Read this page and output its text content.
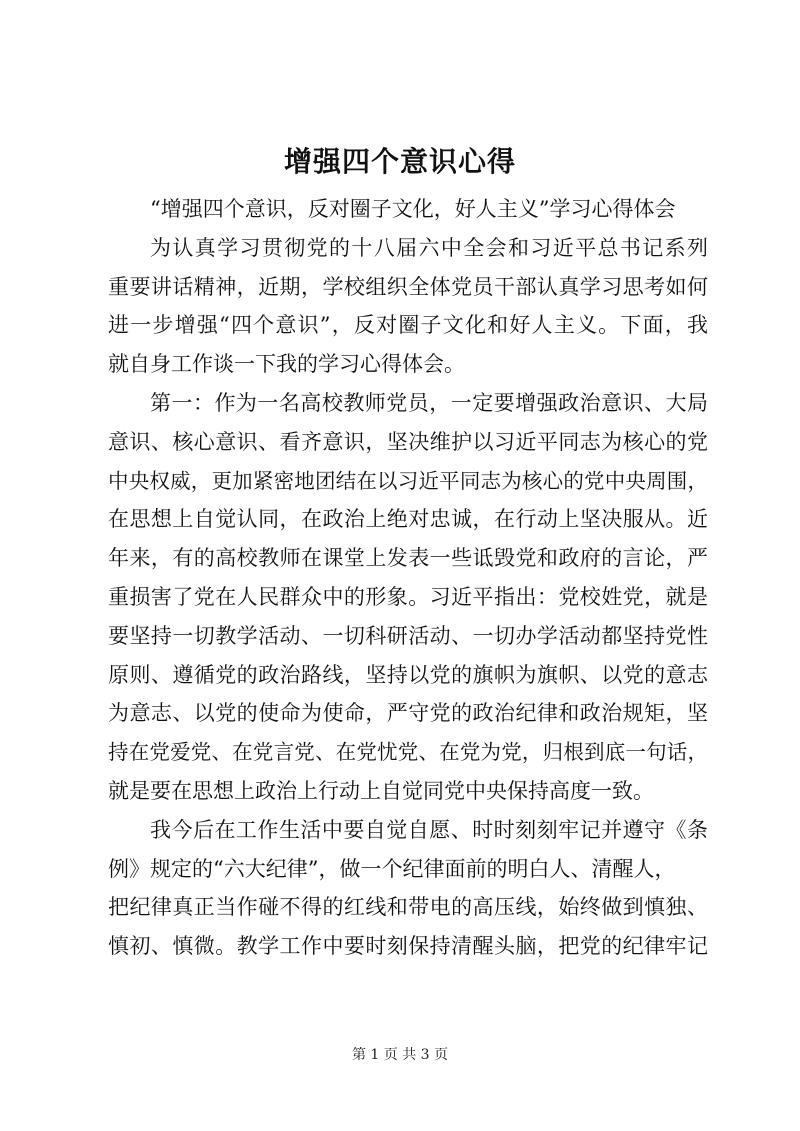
增强四个意识心得
“增强四个意识，反对圈子文化，好人主义”学习心得体会
为认真学习贯彻党的十八届六中全会和习近平总书记系列
重要讲话精神，近期，学校组织全体党员干部认真学习思考如何
进一步增强“四个意识”，反对圈子文化和好人主义。下面，我
就自身工作谈一下我的学习心得体会。
第一：作为一名高校教师党员，一定要增强政治意识、大局
意识、核心意识、看齐意识，坚决维护以习近平同志为核心的党
中央权威，更加紧密地团结在以习近平同志为核心的党中央周围，
在思想上自觉认同，在政治上绝对忠诚，在行动上坚决服从。近
年来，有的高校教师在课堂上发表一些诋毁党和政府的言论，严
重损害了党在人民群众中的形象。习近平指出：党校姓党，就是
要坚持一切教学活动、一切科研活动、一切办学活动都坚持党性
原则、遵循党的政治路线，坚持以党的旗帜为旗帜、以党的意志
为意志、以党的使命为使命，严守党的政治纪律和政治规矩，坚
持在党爱党、在党言党、在党忧党、在党为党，归根到底一句话，
就是要在思想上政治上行动上自觉同党中央保持高度一致。
我今后在工作生活中要自觉自愿、时时刻刻牢记并遵守《条
例》规定的“六大纪律”，做一个纪律面前的明白人、清醒人，
把纪律真正当作碰不得的红线和带电的高压线，始终做到慎独、
慎初、慎微。教学工作中要时刻保持清醒头脑，把党的纪律牢记
第 1 页 共 3 页
